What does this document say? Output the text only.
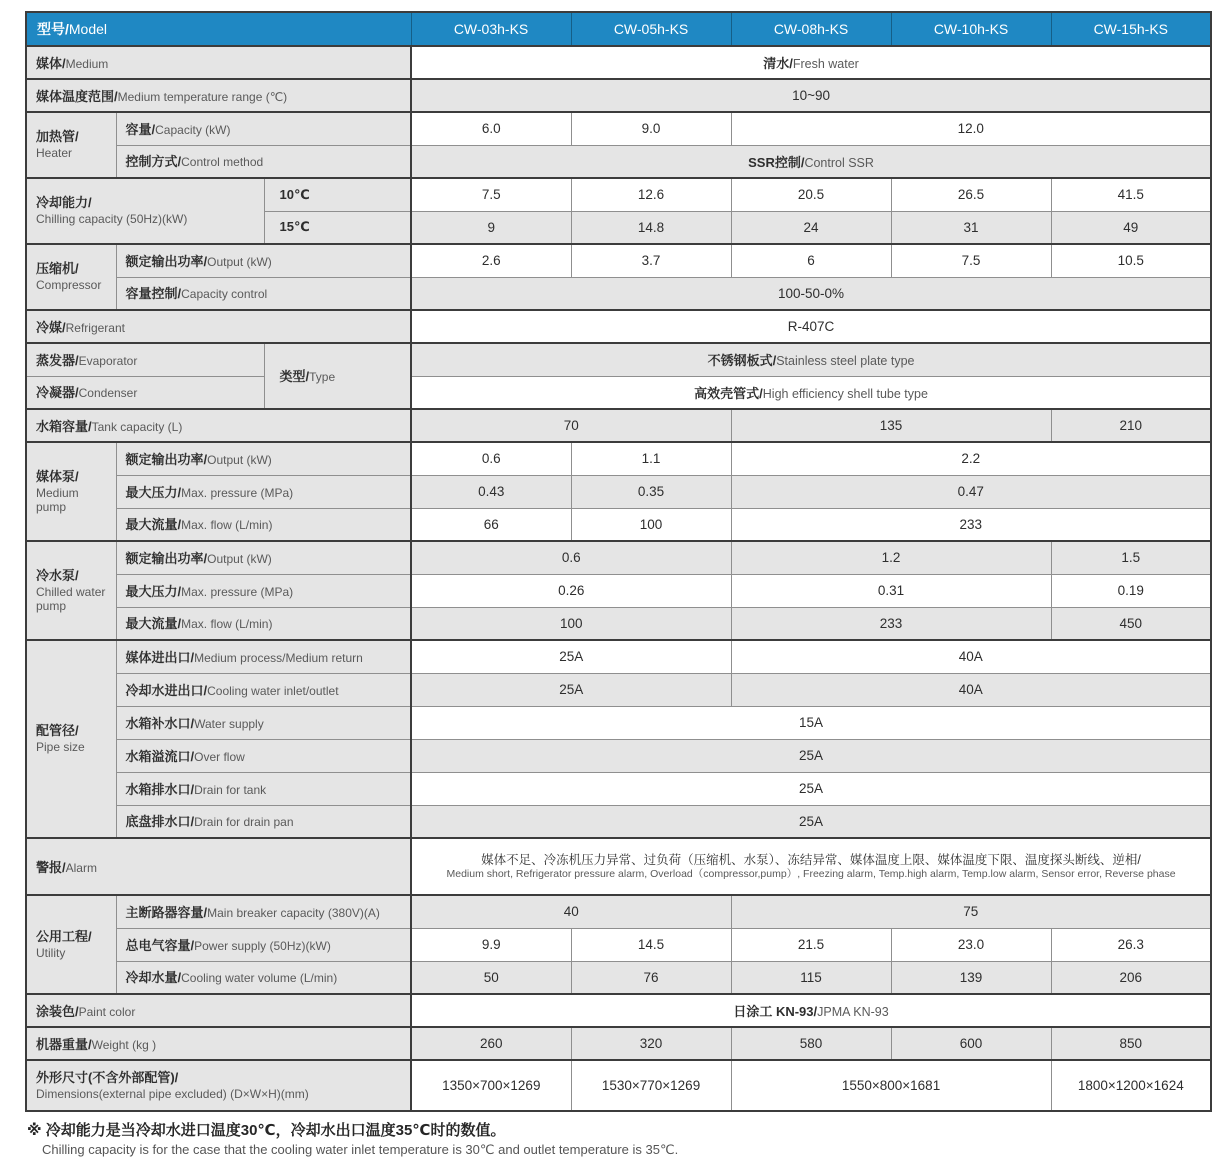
型号/Model			CW-03h-KS	CW-05h-KS	CW-08h-KS	CW-10h-KS	CW-15h-KS
媒体/Medium			清水/Fresh water				
媒体温度范围/Medium temperature range (℃)			10~90				

加热管/
Heater	容量/Capacity (kW)		6.0	9.0	12.0		
	控制方式/Control method		SSR控制/Control SSR				

冷却能力/
Chilling capacity (50Hz)(kW)		10℃	7.5	12.6	20.5	26.5	41.5
		15℃	9	14.8	24	31	49

压缩机/
Compressor	额定输出功率/Output (kW)		2.6	3.7	6	7.5	10.5
	容量控制/Capacity control		100-50-0%				
冷媒/Refrigerant			R-407C				
蒸发器/Evaporator		类型/Type	不锈钢板式/Stainless steel plate type				
冷凝器/Condenser			高效壳管式/High efficiency shell tube type				
水箱容量/Tank capacity (L)			70		135		210

媒体泵/
Medium pump	额定输出功率/Output (kW)		0.6	1.1	2.2		
	最大压力/Max. pressure (MPa)		0.43	0.35	0.47		
	最大流量/Max. flow (L/min)		66	100	233		

冷水泵/
Chilled water pump	额定输出功率/Output (kW)		0.6		1.2		1.5
	最大压力/Max. pressure (MPa)		0.26		0.31		0.19
	最大流量/Max. flow (L/min)		100		233		450

配管径/
Pipe size	媒体进出口/Medium process/Medium return		25A		40A		
	冷却水进出口/Cooling water inlet/outlet		25A		40A		
	水箱补水口/Water supply		15A				
	水箱溢流口/Over flow		25A				
	水箱排水口/Drain for tank		25A				
	底盘排水口/Drain for drain pan		25A				
警报/Alarm			媒体不足、冷冻机压力异常、过负荷（压缩机、水泵）、冻结异常、媒体温度上限、媒体温度下限、温度探头断线、逆相/
Medium short, Refrigerator pressure alarm, Overload（compressor,pump）, Freezing alarm, Temp.high alarm, Temp.low alarm, Sensor error, Reverse phase				

公用工程/
Utility	主断路器容量/Main breaker capacity (380V)(A)		40		75		
	总电气容量/Power supply (50Hz)(kW)		9.9	14.5	21.5	23.0	26.3
	冷却水量/Cooling water volume (L/min)		50	76	115	139	206
涂装色/Paint color			日涂工 KN-93/JPMA KN-93				
机器重量/Weight (kg )			260	320	580	600	850

外形尺寸(不含外部配管)/
Dimensions(external pipe excluded) (D×W×H)(mm)			1350×700×1269	1530×770×1269	1550×800×1681		1800×1200×1624
※ 冷却能力是当冷却水进口温度30℃，冷却水出口温度35℃时的数值。
Chilling capacity is for the case that the cooling water inlet temperature is 30℃ and outlet temperature is 35℃.
